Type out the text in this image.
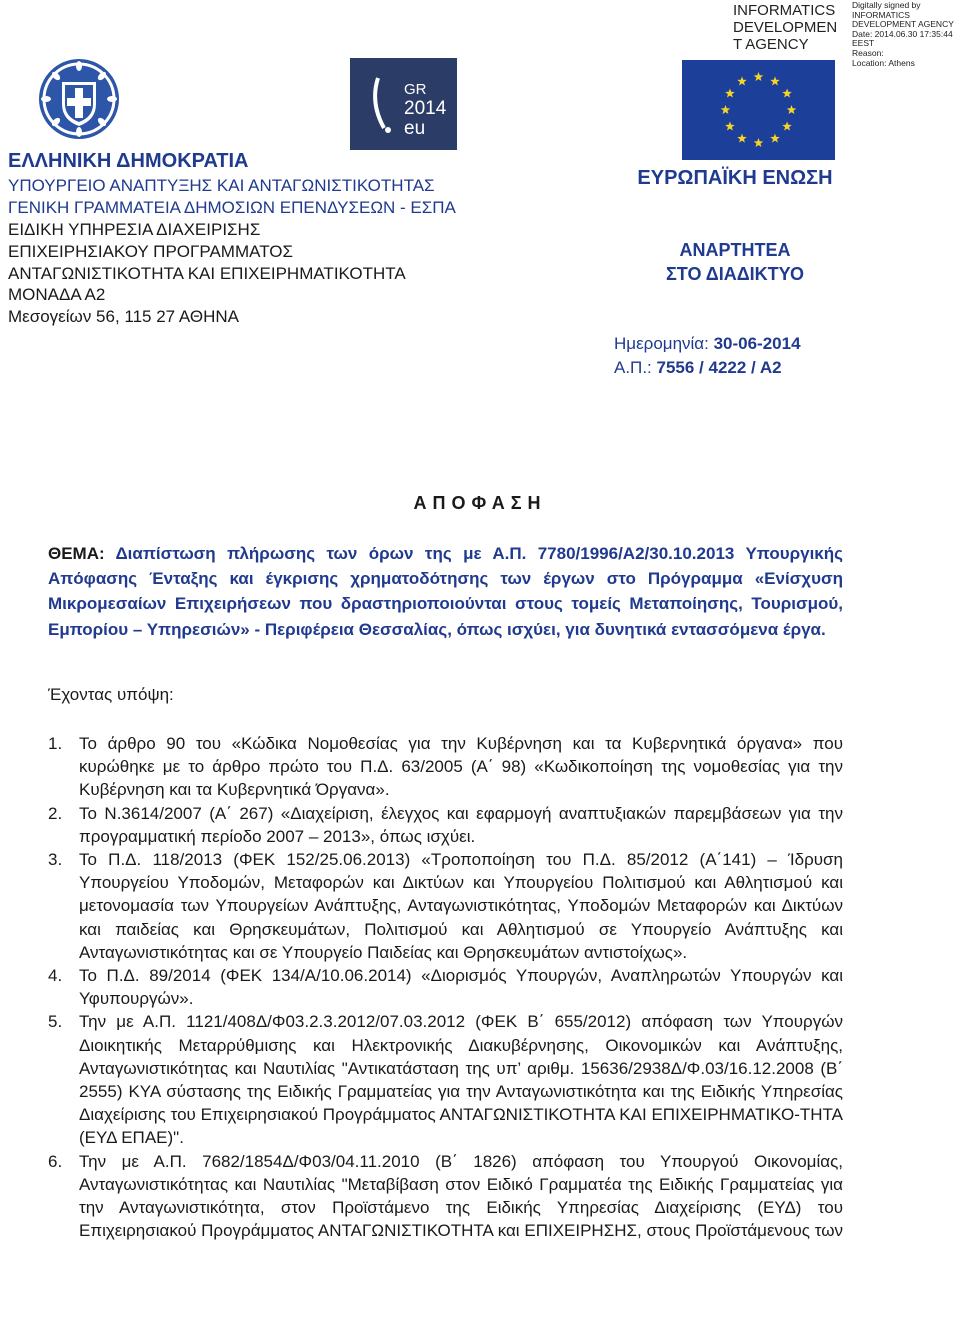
INFORMATICS
DEVELOPMEN
T AGENCY
Digitally signed by
INFORMATICS
DEVELOPMENT AGENCY
Date: 2014.06.30 17:35:44
EEST
Reason:
Location: Athens
GR
2014
eu
ΕΛΛΗΝΙΚΗ ΔΗΜΟΚΡΑΤΙΑ
ΥΠΟΥΡΓΕΙΟ ΑΝΑΠΤΥΞΗΣ ΚΑΙ ΑΝΤΑΓΩΝΙΣΤΙΚΟΤΗΤΑΣ
ΓΕΝΙΚΗ ΓΡΑΜΜΑΤΕΙΑ ΔΗΜΟΣΙΩΝ ΕΠΕΝΔΥΣΕΩΝ - ΕΣΠΑ
ΕΙΔΙΚΗ ΥΠΗΡΕΣΙΑ ΔΙΑΧΕΙΡΙΣΗΣ
ΕΠΙΧΕΙΡΗΣΙΑΚΟΥ ΠΡΟΓΡΑΜΜΑΤΟΣ
ΑΝΤΑΓΩΝΙΣΤΙΚΟΤΗΤΑ ΚΑΙ ΕΠΙΧΕΙΡΗΜΑΤΙΚΟΤΗΤΑ
ΜΟΝΑΔΑ Α2
Μεσογείων 56, 115 27 ΑΘΗΝΑ
ΕΥΡΩΠΑΪΚΗ ΕΝΩΣΗ
ΑΝΑΡΤΗΤΕΑ
ΣΤΟ ΔΙΑΔΙΚΤΥΟ
Ημερομηνία: 30-06-2014
Α.Π.: 7556 / 4222 / Α2
ΑΠΟΦΑΣΗ
ΘΕΜΑ: Διαπίστωση πλήρωσης των όρων της με Α.Π. 7780/1996/Α2/30.10.2013 Υπουργικής Απόφασης Ένταξης και έγκρισης χρηματοδότησης των έργων στο Πρόγραμμα «Ενίσχυση Μικρομεσαίων Επιχειρήσεων που δραστηριοποιούνται στους τομείς Μεταποίησης, Τουρισμού, Εμπορίου – Υπηρεσιών» - Περιφέρεια Θεσσαλίας, όπως ισχύει, για δυνητικά εντασσόμενα έργα.
Έχοντας υπόψη:
1. Το άρθρο 90 του «Κώδικα Νομοθεσίας για την Κυβέρνηση και τα Κυβερνητικά όργανα» που κυρώθηκε με το άρθρο πρώτο του Π.Δ. 63/2005 (Α΄ 98) «Κωδικοποίηση της νομοθεσίας για την Κυβέρνηση και τα Κυβερνητικά Όργανα».
2. Το Ν.3614/2007 (Α΄ 267) «Διαχείριση, έλεγχος και εφαρμογή αναπτυξιακών παρεμβάσεων για την προγραμματική περίοδο 2007 – 2013», όπως ισχύει.
3. Το Π.Δ. 118/2013 (ΦΕΚ 152/25.06.2013) «Τροποποίηση του Π.Δ. 85/2012 (Α΄141) – Ίδρυση Υπουργείου Υποδομών, Μεταφορών και Δικτύων και Υπουργείου Πολιτισμού και Αθλητισμού και μετονομασία των Υπουργείων Ανάπτυξης, Ανταγωνιστικότητας, Υποδομών Μεταφορών και Δικτύων και παιδείας και Θρησκευμάτων, Πολιτισμού και Αθλητισμού σε Υπουργείο Ανάπτυξης και Ανταγωνιστικότητας και σε Υπουργείο Παιδείας και Θρησκευμάτων αντιστοίχως».
4. Το Π.Δ. 89/2014 (ΦΕΚ 134/Α/10.06.2014) «Διορισμός Υπουργών, Αναπληρωτών Υπουργών και Υφυπουργών».
5. Την με Α.Π. 1121/408Δ/Φ03.2.3.2012/07.03.2012 (ΦΕΚ Β΄ 655/2012) απόφαση των Υπουργών Διοικητικής Μεταρρύθμισης και Ηλεκτρονικής Διακυβέρνησης, Οικονομικών και Ανάπτυξης, Ανταγωνιστικότητας και Ναυτιλίας "Αντικατάσταση της υπ’ αριθμ. 15636/2938Δ/Φ.03/16.12.2008 (Β΄ 2555) ΚΥΑ σύστασης της Ειδικής Γραμματείας για την Ανταγωνιστικότητα και της Ειδικής Υπηρεσίας Διαχείρισης του Επιχειρησιακού Προγράμματος ΑΝΤΑΓΩΝΙΣΤΙΚΟΤΗΤΑ ΚΑΙ ΕΠΙΧΕΙΡΗΜΑΤΙΚΟ-ΤΗΤΑ (ΕΥΔ ΕΠΑΕ)".
6. Την με Α.Π. 7682/1854Δ/Φ03/04.11.2010 (Β΄ 1826) απόφαση του Υπουργού Οικονομίας, Ανταγωνιστικότητας και Ναυτιλίας "Μεταβίβαση στον Ειδικό Γραμματέα της Ειδικής Γραμματείας για την Ανταγωνιστικότητα, στον Προϊστάμενο της Ειδικής Υπηρεσίας Διαχείρισης (ΕΥΔ) του Επιχειρησιακού Προγράμματος ΑΝΤΑΓΩΝΙΣΤΙΚΟΤΗΤΑ και ΕΠΙΧΕΙΡΗΣΗΣ, στους Προϊστάμενους των
